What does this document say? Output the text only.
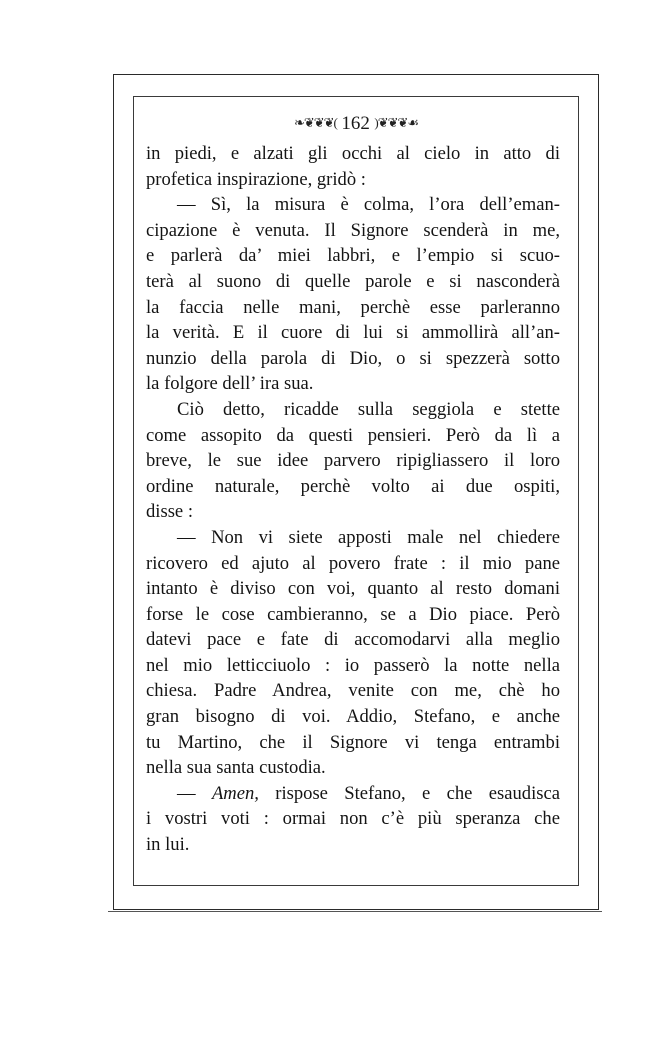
❧❦❦❦( 162 )❦❦❦☙
in piedi, e alzati gli occhi al cielo in atto di
profetica inspirazione, gridò :
— Sì, la misura è colma, l’ora dell’eman-
cipazione è venuta. Il Signore scenderà in me,
e parlerà da’ miei labbri, e l’empio si scuo-
terà al suono di quelle parole e si nasconderà
la faccia nelle mani, perchè esse parleranno
la verità. E il cuore di lui si ammollirà all’an-
nunzio della parola di Dio, o si spezzerà sotto
la folgore dell’ ira sua.
Ciò detto, ricadde sulla seggiola e stette
come assopito da questi pensieri. Però da lì a
breve, le sue idee parvero ripigliassero il loro
ordine naturale, perchè volto ai due ospiti,
disse :
— Non vi siete apposti male nel chiedere
ricovero ed ajuto al povero frate : il mio pane
intanto è diviso con voi, quanto al resto domani
forse le cose cambieranno, se a Dio piace. Però
datevi pace e fate di accomodarvi alla meglio
nel mio letticciuolo : io passerò la notte nella
chiesa. Padre Andrea, venite con me, chè ho
gran bisogno di voi. Addio, Stefano, e anche
tu Martino, che il Signore vi tenga entrambi
nella sua santa custodia.
— Amen, rispose Stefano, e che esaudisca
i vostri voti : ormai non c’è più speranza che
in lui.
